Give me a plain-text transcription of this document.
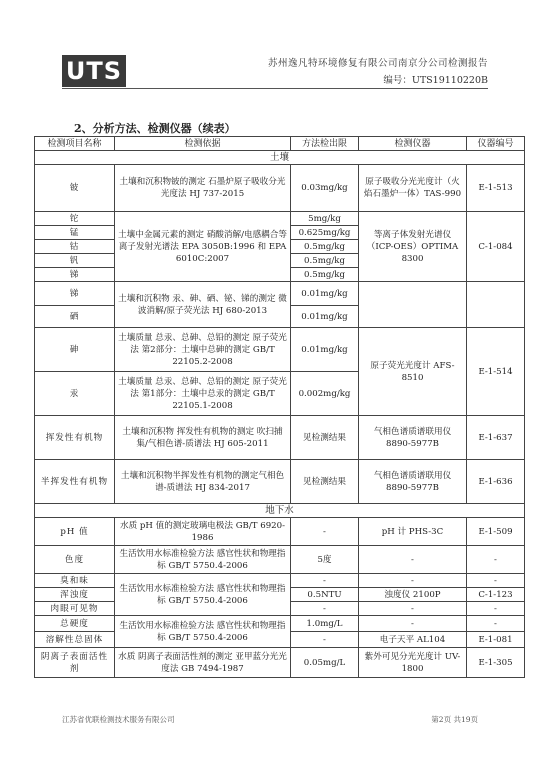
UTS	苏州逸凡特环境修复有限公司南京分公司检测报告
编号：UTS19110220B
2、分析方法、检测仪器（续表）
检测项目名称	检测依据	方法检出限	检测仪器	仪器编号
土壤				
铍	土壤和沉积物铍的测定 石墨炉原子吸收分光光度法 HJ 737-2015	0.03mg/kg	原子吸收分光光度计（火焰石墨炉一体）TAS-990	E-1-513
铊	土壤中金属元素的测定 硝酸消解/电感耦合等离子发射光谱法 EPA 3050B:1996 和 EPA 6010C:2007	5mg/kg	等离子体发射光谱仪（ICP-OES）OPTIMA 8300	C-1-084
锰		0.625mg/kg		
钴		0.5mg/kg		
钒		0.5mg/kg		
锑		0.5mg/kg		
锑	土壤和沉积物 汞、砷、硒、铋、锑的测定 微波消解/原子荧光法 HJ 680-2013	0.01mg/kg		
硒		0.01mg/kg		
砷	土壤质量 总汞、总砷、总铅的测定 原子荧光法 第2部分：土壤中总砷的测定 GB/T 22105.2-2008	0.01mg/kg	原子荧光光度计 AFS-8510	E-1-514
汞	土壤质量 总汞、总砷、总铅的测定 原子荧光法 第1部分：土壤中总汞的测定 GB/T 22105.1-2008	0.002mg/kg		
挥发性有机物	土壤和沉积物 挥发性有机物的测定 吹扫捕集/气相色谱-质谱法 HJ 605-2011	见检测结果	气相色谱质谱联用仪 8890-5977B	E-1-637
半挥发性有机物	土壤和沉积物半挥发性有机物的测定气相色谱-质谱法 HJ 834-2017	见检测结果	气相色谱质谱联用仪 8890-5977B	E-1-636
地下水				
pH 值	水质 pH 值的测定玻璃电极法 GB/T 6920-1986	-	pH 计 PHS-3C	E-1-509
色度	生活饮用水标准检验方法 感官性状和物理指标 GB/T 5750.4-2006	5度	-	-
臭和味	生活饮用水标准检验方法 感官性状和物理指标 GB/T 5750.4-2006	-	-	-
浑浊度		0.5NTU	浊度仪 2100P	C-1-123
肉眼可见物		-	-	-
总硬度	生活饮用水标准检验方法 感官性状和物理指标 GB/T 5750.4-2006	1.0mg/L	-	-
溶解性总固体		-	电子天平 AL104	E-1-081
阴离子表面活性剂	水质 阴离子表面活性剂的测定 亚甲蓝分光光度法 GB 7494-1987	0.05mg/L	紫外可见分光光度计 UV-1800	E-1-305
江苏省优联检测技术服务有限公司	第2页 共19页
